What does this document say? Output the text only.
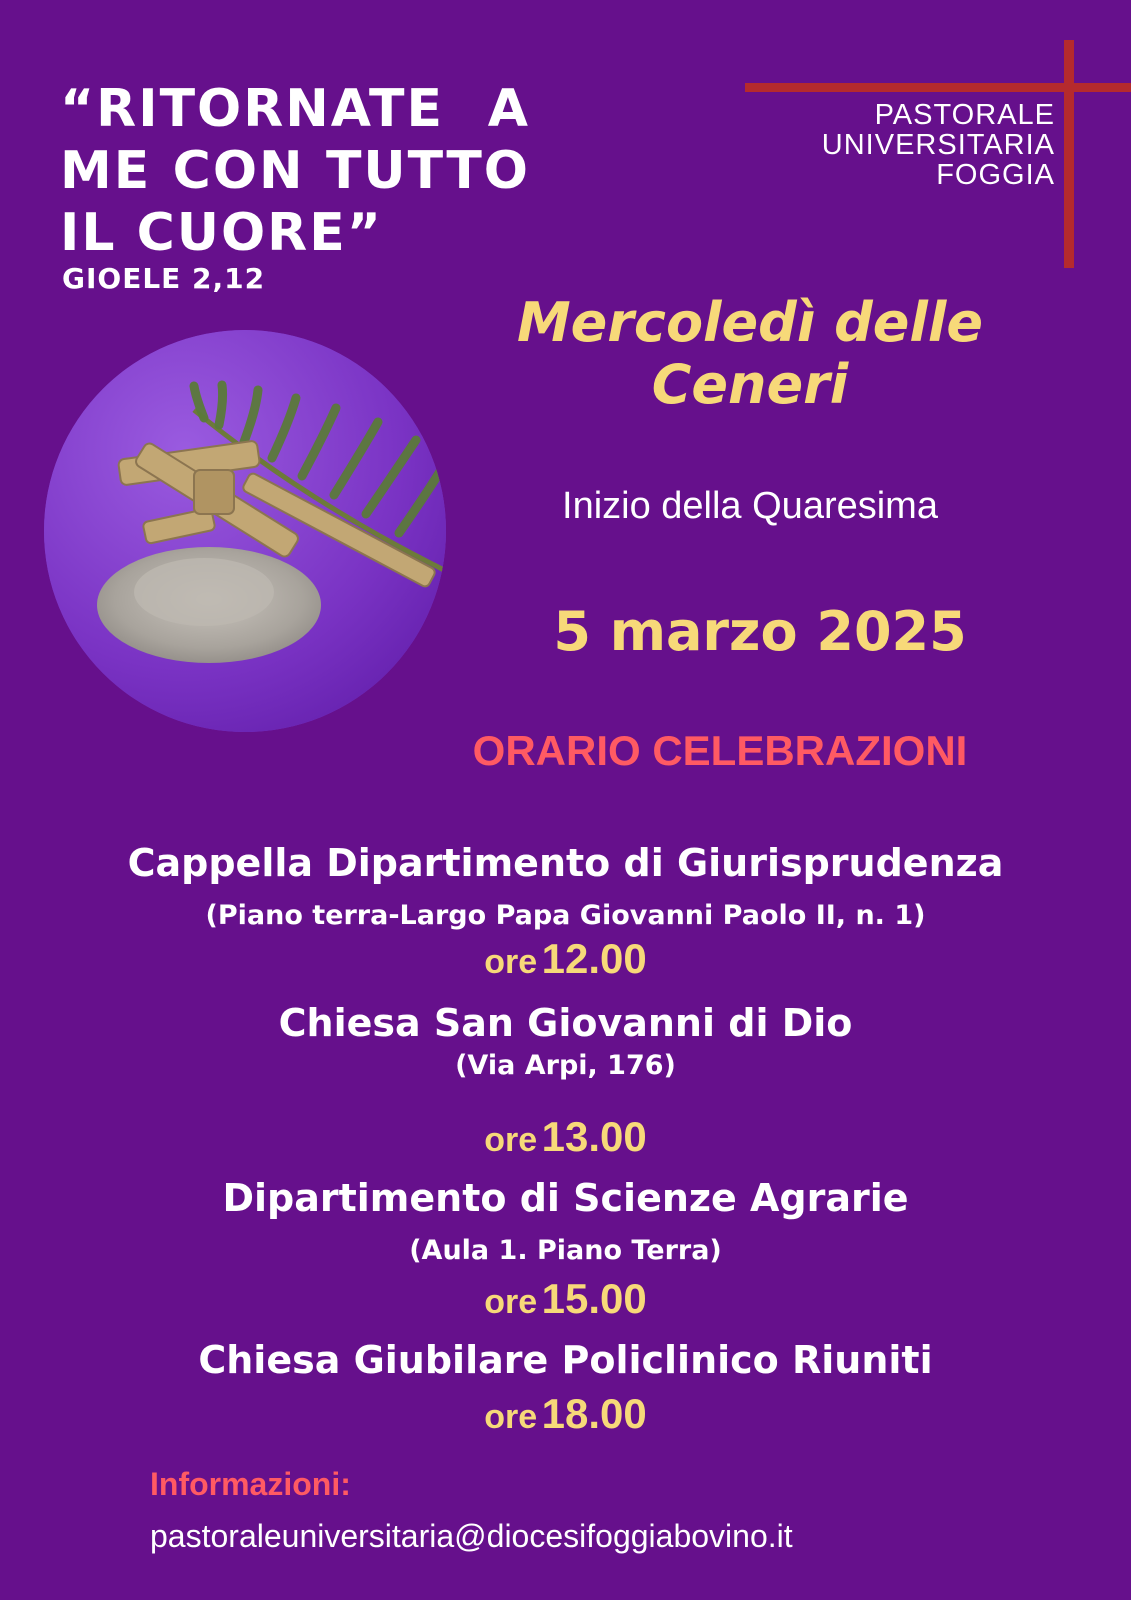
“RITORNATE A ME CON TUTTO IL CUORE”
GIOELE 2,12
PASTORALE
UNIVERSITARIA
FOGGIA
Mercoledì delle
Ceneri
Inizio della Quaresima
5 marzo 2025
ORARIO CELEBRAZIONI
Cappella Dipartimento di Giurisprudenza
(Piano terra-Largo Papa Giovanni Paolo II, n. 1)
ore 12.00
Chiesa San Giovanni di Dio
(Via Arpi, 176)
ore 13.00
Dipartimento di Scienze Agrarie
(Aula 1. Piano Terra)
ore 15.00
Chiesa Giubilare Policlinico Riuniti
ore 18.00
Informazioni:
pastoraleuniversitaria@diocesifoggiabovino.it
